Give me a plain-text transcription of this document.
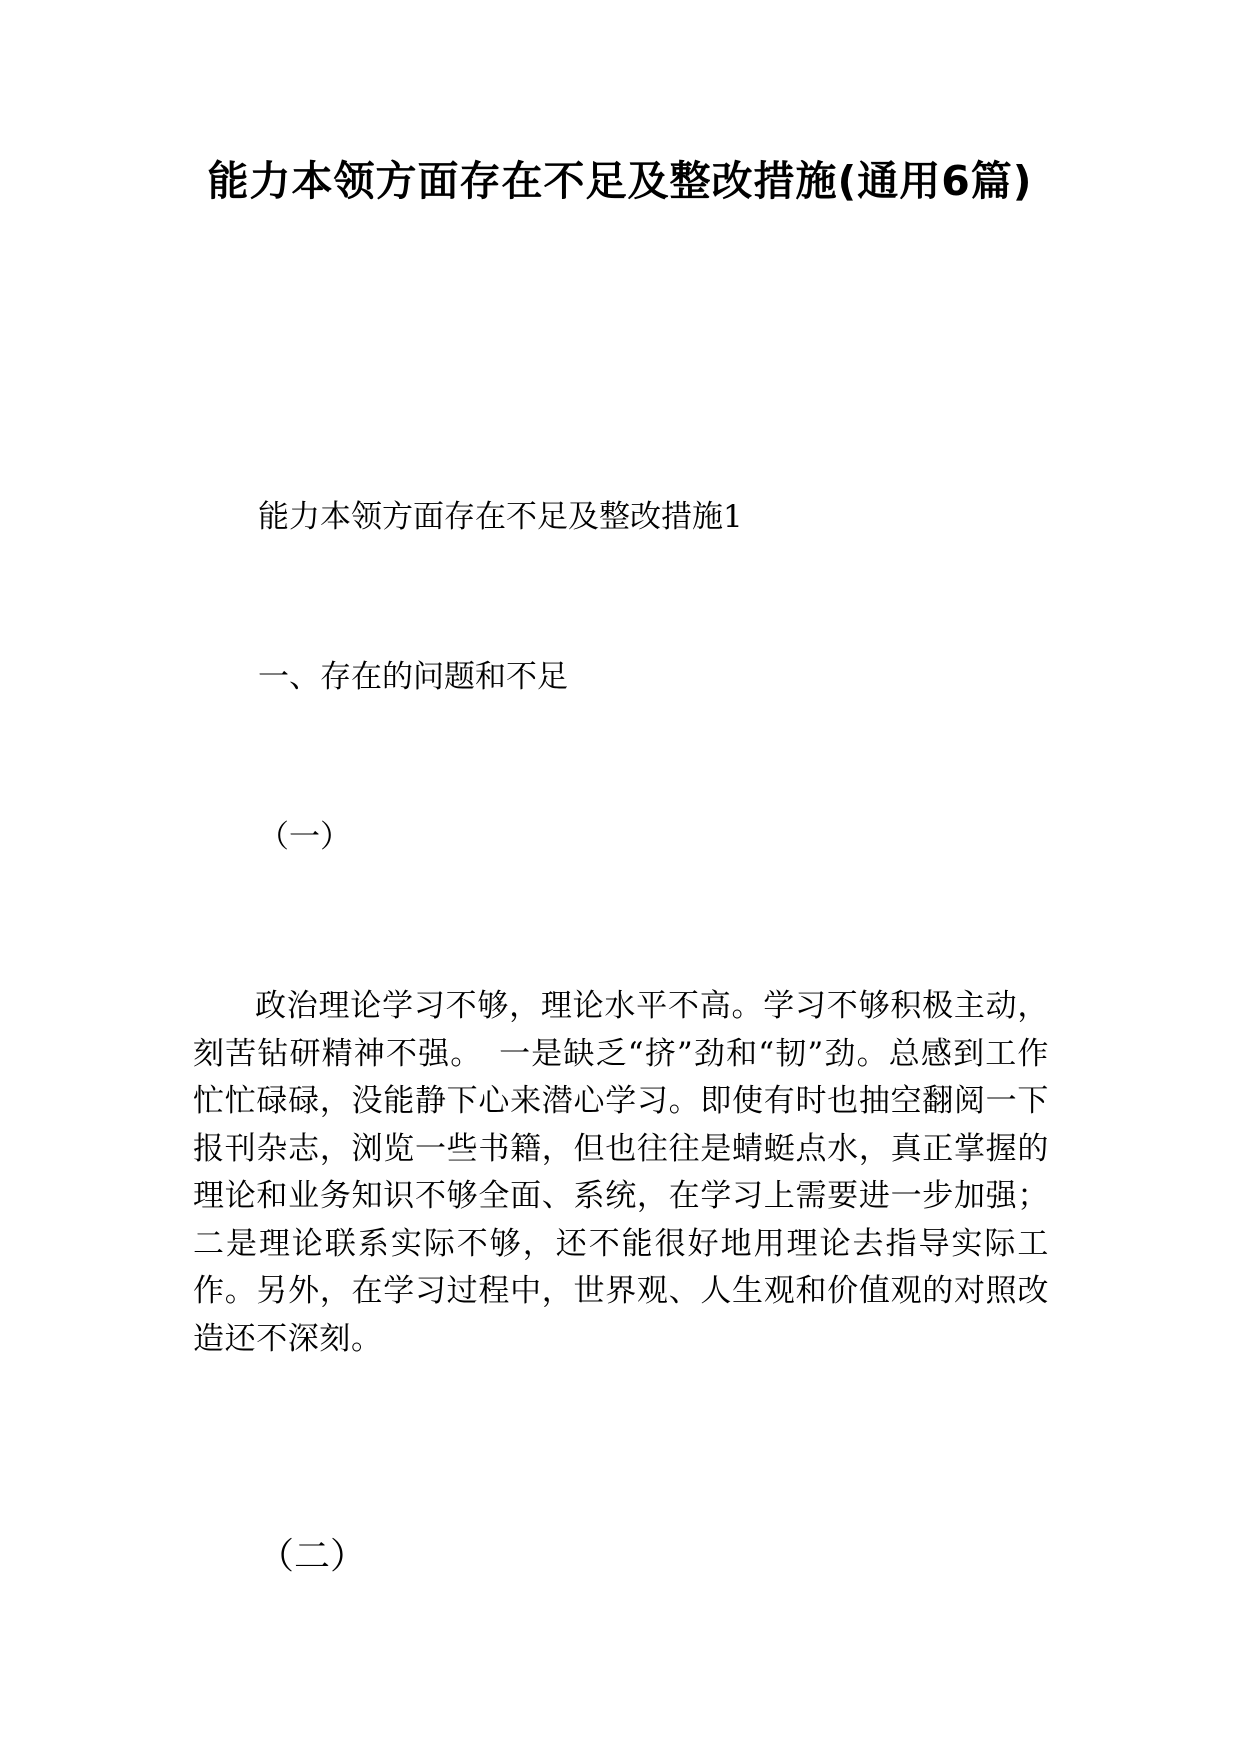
能力本领方面存在不足及整改措施(通用6篇)
能力本领方面存在不足及整改措施1
一、存在的问题和不足
（一）
政治理论学习不够，理论水平不高。学习不够积极主动，刻苦钻研精神不强。　一是缺乏“挤”劲和“韧”劲。总感到工作忙忙碌碌，没能静下心来潜心学习。即使有时也抽空翻阅一下报刊杂志，浏览一些书籍，但也往往是蜻蜓点水，真正掌握的理论和业务知识不够全面、系统，在学习上需要进一步加强；二是理论联系实际不够，还不能很好地用理论去指导实际工作。另外，在学习过程中，世界观、人生观和价值观的对照改造还不深刻。
（二）
